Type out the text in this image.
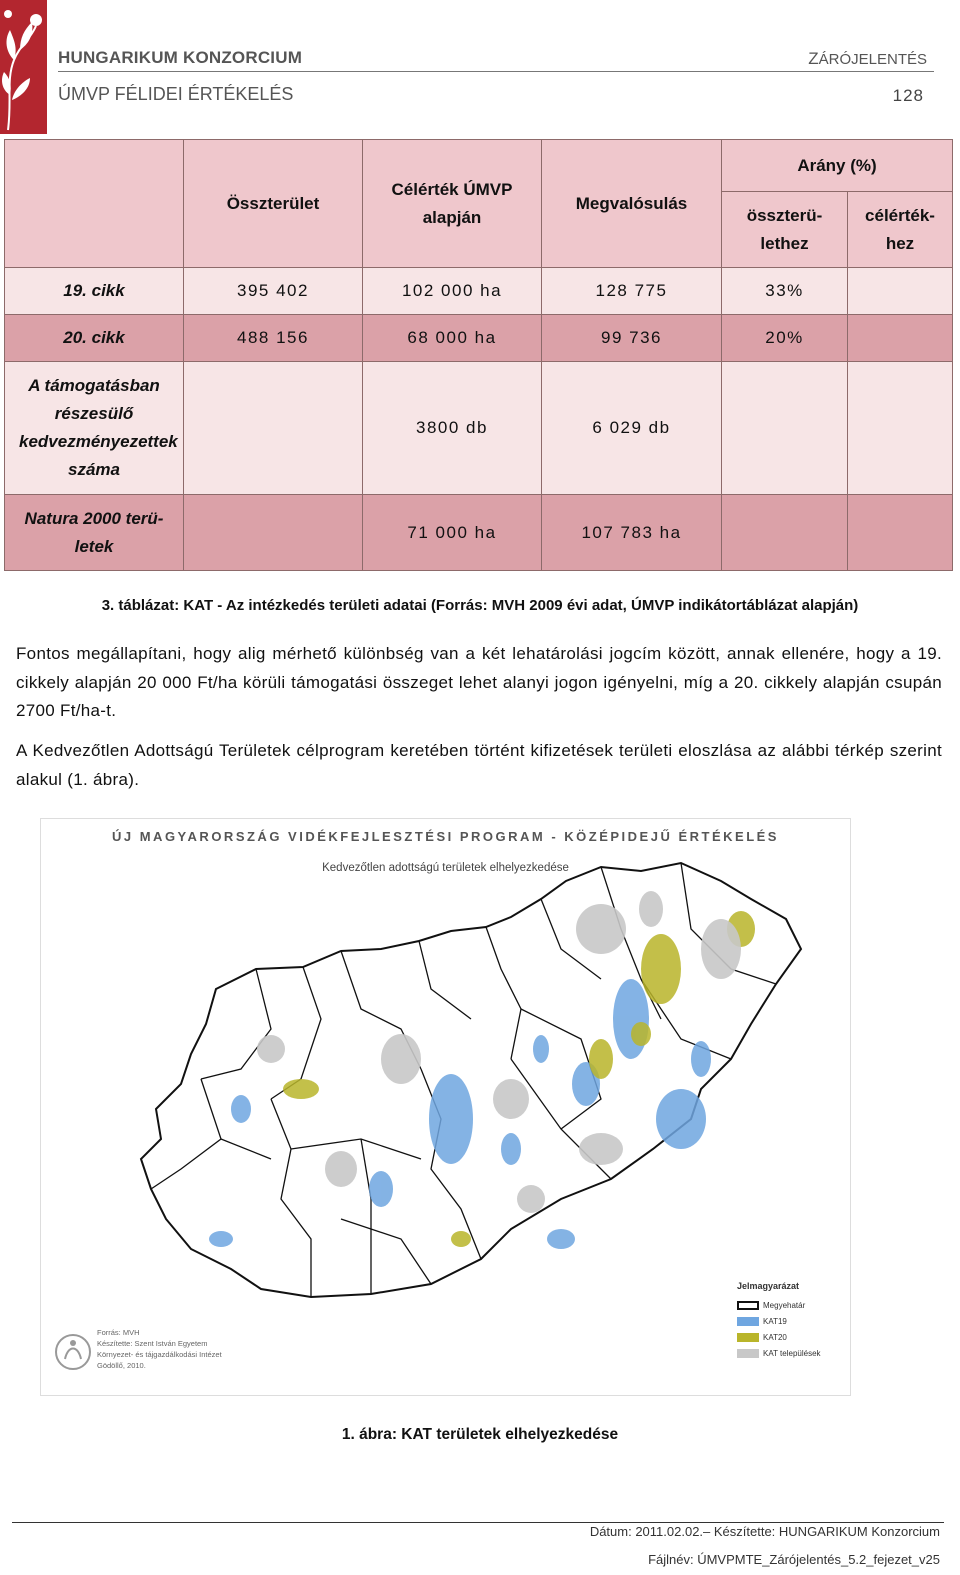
HUNGARIKUM KONZORCIUM	ZÁRÓJELENTÉS
ÚMVP FÉLIDEI ÉRTÉKELÉS	128
	Összterület	Célérték ÚMVP alapján	Megvalósulás	Arány (%)	
				összterü-lethez	célérték-hez
19. cikk	395 402	102 000 ha	128 775	33%	
20. cikk	488 156	68 000 ha	99 736	20%	
A támogatásban részesülő kedvezményezettek száma		3800 db	6 029 db		
Natura 2000 terü-letek		71 000 ha	107 783 ha		
3. táblázat: KAT - Az intézkedés területi adatai (Forrás: MVH 2009 évi adat, ÚMVP indikátortáblázat alapján)
Fontos megállapítani, hogy alig mérhető különbség van a két lehatárolási jogcím között, annak ellenére, hogy a 19. cikkely alapján 20 000 Ft/ha körüli támogatási összeget lehet alanyi jogon igényelni, míg a 20. cikkely alapján csupán 2700 Ft/ha-t.
A Kedvezőtlen Adottságú Területek célprogram keretében történt kifizetések területi eloszlása az alábbi térkép szerint alakul (1. ábra).
ÚJ MAGYARORSZÁG VIDÉKFEJLESZTÉSI PROGRAM - KÖZÉPIDEJŰ ÉRTÉKELÉS
Kedvezőtlen adottságú területek elhelyezkedése
Jelmagyarázat
Megyehatár
KAT19
KAT20
KAT települések
Forrás: MVH
Készítette: Szent István Egyetem
Környezet- és tájgazdálkodási Intézet
Gödöllő, 2010.
1. ábra: KAT területek elhelyezkedése
Dátum: 2011.02.02.– Készítette: HUNGARIKUM Konzorcium
Fájlnév: ÚMVPMTE_Zárójelentés_5.2_fejezet_v25
